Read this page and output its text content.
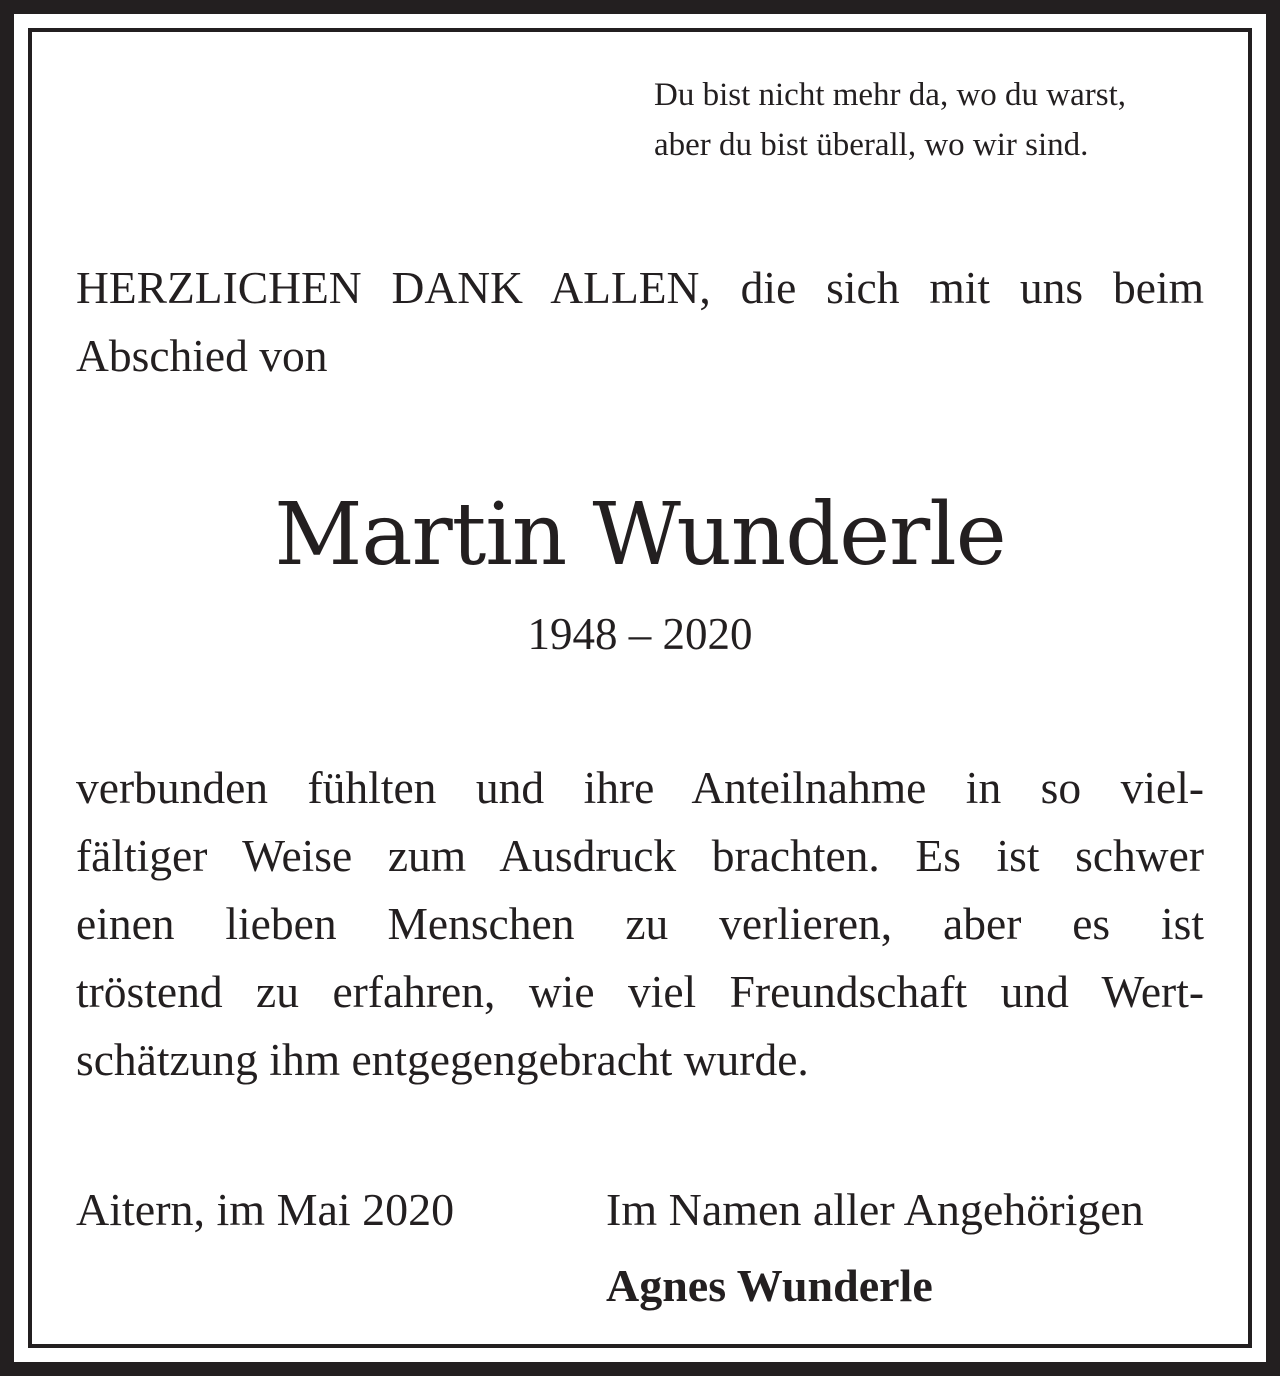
Du bist nicht mehr da, wo du warst,
aber du bist überall, wo wir sind.
HERZLICHEN DANK ALLEN, die sich mit uns beim
Abschied von
Martin Wunderle
1948 – 2020
verbunden fühlten und ihre Anteilnahme in so viel-
fältiger Weise zum Ausdruck brachten. Es ist schwer
einen lieben Menschen zu verlieren, aber es ist
tröstend zu erfahren, wie viel Freundschaft und Wert-
schätzung ihm entgegengebracht wurde.
Aitern, im Mai 2020	Im Namen aller Angehörigen
Agnes Wunderle
